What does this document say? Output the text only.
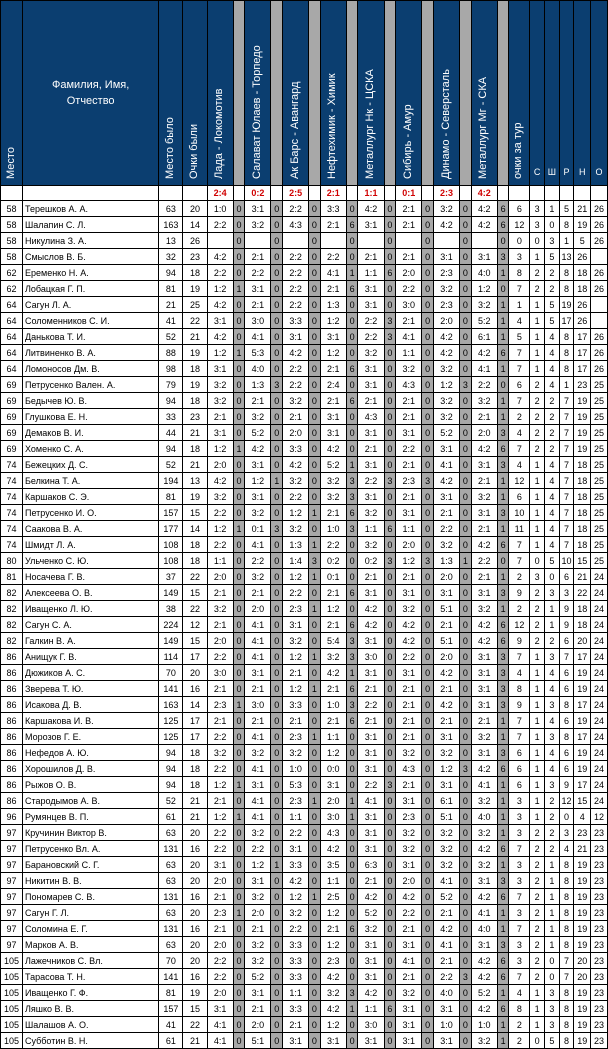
Место	Фамилия, Имя, Отчество	Место было	Очки были	Лада - Локомотив		Салават Юлаев - Торпедо		Ак Барс - Авангард		Нефтехимик - Химик		Металлург Нк - ЦСКА		Сибирь - Амур		Динамо - Северсталь		Металлург Мг - СКА		очки за тур	С	Ш	Р	Н	О
				2:4		0:2		2:5		2:1		1:1		0:1		2:3		4:2							
58	Терешков А. А.	63	20	1:0	0	3:1	0	2:2	0	3:3	0	4:2	0	2:1	0	3:2	0	4:2	6	6	3	1	5	21	26
58	Шалапин С. Л.	163	14	2:2	0	3:2	0	4:3	0	2:1	6	3:1	0	2:1	0	4:2	0	4:2	6	12	3	0	8	19	26
58	Никулина З. А.	13	26		0		0		0		0		0		0		0		0	0	0	3	1	5	26
58	Смыслов В. Б.	32	23	4:2	0	2:1	0	2:2	0	2:2	0	2:1	0	2:1	0	3:1	0	3:1	3	3	1	5	13	26	
62	Еременко Н. А.	94	18	2:2	0	2:2	0	2:2	0	4:1	1	1:1	6	2:0	0	2:3	0	4:0	1	8	2	2	8	18	26
62	Лобацкая Г. П.	81	19	1:2	1	3:1	0	2:2	0	2:1	6	3:1	0	2:2	0	3:2	0	1:2	0	7	2	2	8	18	26
64	Сагун Л. А.	21	25	4:2	0	2:1	0	2:2	0	1:3	0	3:1	0	3:0	0	2:3	0	3:2	1	1	1	5	19	26	
64	Соломенников С. И.	41	22	3:1	0	3:0	0	3:3	0	1:2	0	2:2	3	2:1	0	2:0	0	5:2	1	4	1	5	17	26	
64	Данькова Т. И.	52	21	4:2	0	4:1	0	3:1	0	3:1	0	2:2	3	4:1	0	4:2	0	6:1	1	5	1	4	8	17	26
64	Литвиненко В. А.	88	19	1:2	1	5:3	0	4:2	0	1:2	0	3:2	0	1:1	0	4:2	0	4:2	6	7	1	4	8	17	26
64	Ломоносов Дм. В.	98	18	3:1	0	4:0	0	2:2	0	2:1	6	3:1	0	3:2	0	3:2	0	4:1	1	7	1	4	8	17	26
69	Петрусенко Вален. А.	79	19	3:2	0	1:3	3	2:2	0	2:4	0	3:1	0	4:3	0	1:2	3	2:2	0	6	2	4	1	23	25
69	Бедычев Ю. В.	94	18	3:2	0	2:1	0	3:2	0	2:1	6	2:1	0	2:1	0	3:2	0	3:2	1	7	2	2	7	19	25
69	Глушкова Е. Н.	33	23	2:1	0	3:2	0	2:1	0	3:1	0	4:3	0	2:1	0	3:2	0	2:1	1	2	2	2	7	19	25
69	Демаков В. И.	44	21	3:1	0	5:2	0	2:0	0	3:1	0	3:1	0	3:1	0	5:2	0	2:0	3	4	2	2	7	19	25
69	Хоменко С. А.	94	18	1:2	1	4:2	0	3:3	0	4:2	0	2:1	0	2:2	0	3:1	0	4:2	6	7	2	2	7	19	25
74	Бежецких Д. С.	52	21	2:0	0	3:1	0	4:2	0	5:2	1	3:1	0	2:1	0	4:1	0	3:1	3	4	1	4	7	18	25
74	Белкина Т. А.	194	13	4:2	0	1:2	1	3:2	0	3:2	3	2:2	3	2:3	3	4:2	0	2:1	1	12	1	4	7	18	25
74	Каршаков С. Э.	81	19	3:2	0	3:1	0	2:2	0	3:2	3	3:1	0	2:1	0	3:1	0	3:2	1	6	1	4	7	18	25
74	Петрусенко И. О.	157	15	2:2	0	3:2	0	1:2	1	2:1	6	3:2	0	3:1	0	2:1	0	3:1	3	10	1	4	7	18	25
74	Саакова В. А.	177	14	1:2	1	0:1	3	3:2	0	1:0	3	1:1	6	1:1	0	2:2	0	2:1	1	11	1	4	7	18	25
74	Шмидт Л. А.	108	18	2:2	0	4:1	0	1:3	1	2:2	0	3:2	0	2:0	0	3:2	0	4:2	6	7	1	4	7	18	25
80	Ульченко С. Ю.	108	18	1:1	0	2:2	0	1:4	3	0:2	0	0:2	3	1:2	3	1:3	1	2:2	0	7	0	5	10	15	25
81	Носачева Г. В.	37	22	2:0	0	3:2	0	1:2	1	0:1	0	2:1	0	2:1	0	2:0	0	2:1	1	2	3	0	6	21	24
82	Алексеева О. В.	149	15	2:1	0	2:1	0	2:2	0	2:1	6	3:1	0	3:1	0	3:1	0	3:1	3	9	2	3	3	22	24
82	Иващенко Л. Ю.	38	22	3:2	0	2:0	0	2:3	1	1:2	0	4:2	0	3:2	0	5:1	0	3:2	1	2	2	1	9	18	24
82	Сагун С. А.	224	12	2:1	0	4:1	0	3:1	0	2:1	6	4:2	0	4:2	0	2:1	0	4:2	6	12	2	1	9	18	24
82	Галкин В. А.	149	15	2:0	0	4:1	0	3:2	0	5:4	3	3:1	0	4:2	0	5:1	0	4:2	6	9	2	2	6	20	24
86	Анищук Г. В.	114	17	2:2	0	4:1	0	1:2	1	3:2	3	3:0	0	2:2	0	2:0	0	3:1	3	7	1	3	7	17	24
86	Дюжиков А. С.	70	20	3:0	0	3:1	0	2:1	0	4:2	1	3:1	0	3:1	0	4:2	0	3:1	3	4	1	4	6	19	24
86	Зверева Т. Ю.	141	16	2:1	0	2:1	0	1:2	1	2:1	6	2:1	0	2:1	0	2:1	0	3:1	3	8	1	4	6	19	24
86	Исакова Д. В.	163	14	2:3	1	3:0	0	3:3	0	1:0	3	2:2	0	2:1	0	4:2	0	3:1	3	9	1	3	8	17	24
86	Каршакова И. В.	125	17	2:1	0	2:1	0	2:1	0	2:1	6	2:1	0	2:1	0	2:1	0	2:1	1	7	1	4	6	19	24
86	Морозов Г. Е.	125	17	2:2	0	4:1	0	2:3	1	1:1	0	3:1	0	2:1	0	3:1	0	3:2	1	7	1	3	8	17	24
86	Нефедов А. Ю.	94	18	3:2	0	3:2	0	3:2	0	1:2	0	3:1	0	3:2	0	3:2	0	3:1	3	6	1	4	6	19	24
86	Хорошилов Д. В.	94	18	2:2	0	4:1	0	1:0	0	0:0	0	3:1	0	4:3	0	1:2	3	4:2	6	6	1	4	6	19	24
86	Рыжов О. В.	94	18	1:2	1	3:1	0	5:3	0	3:1	0	2:2	3	2:1	0	3:1	0	4:1	1	6	1	3	9	17	24
86	Стародымов А. В.	52	21	2:1	0	4:1	0	2:3	1	2:0	1	4:1	0	3:1	0	6:1	0	3:2	1	3	1	2	12	15	24
96	Румянцев В. П.	61	21	1:2	1	4:1	0	1:1	0	3:0	1	3:1	0	2:3	0	5:1	0	4:0	1	3	1	2	0	4	12
97	Кручинин Виктор В.	63	20	2:2	0	3:2	0	2:2	0	4:3	0	3:1	0	3:2	0	3:2	0	3:2	1	3	2	2	3	23	23
97	Петрусенко Вл. А.	131	16	2:2	0	2:2	0	3:1	0	4:2	0	3:1	0	3:2	0	3:2	0	4:2	6	7	2	2	4	21	23
97	Барановский С. Г.	63	20	3:1	0	1:2	1	3:3	0	3:5	0	6:3	0	3:1	0	3:2	0	3:2	1	3	2	1	8	19	23
97	Никитин В. В.	63	20	2:0	0	3:1	0	4:2	0	1:1	0	2:1	0	2:0	0	4:1	0	3:1	3	3	2	1	8	19	23
97	Пономарев С. В.	131	16	2:1	0	3:2	0	1:2	1	2:5	0	4:2	0	4:2	0	5:2	0	4:2	6	7	2	1	8	19	23
97	Сагун Г. Л.	63	20	2:3	1	2:0	0	3:2	0	1:2	0	5:2	0	2:2	0	2:1	0	4:1	1	3	2	1	8	19	23
97	Соломина Е. Г.	131	16	2:1	0	2:1	0	2:2	0	2:1	6	3:2	0	2:1	0	4:2	0	4:0	1	7	2	1	8	19	23
97	Марков А. В.	63	20	2:0	0	3:2	0	3:3	0	1:2	0	3:1	0	3:1	0	4:1	0	3:1	3	3	2	1	8	19	23
105	Лажечников С. Вл.	70	20	2:2	0	3:2	0	3:3	0	2:3	0	3:1	0	4:1	0	2:1	0	4:2	6	3	2	0	7	20	23
105	Тарасова Т. Н.	141	16	2:2	0	5:2	0	3:3	0	4:2	0	3:1	0	2:1	0	2:2	3	4:2	6	7	2	0	7	20	23
105	Иващенко Г. Ф.	81	19	2:0	0	3:1	0	1:1	0	3:2	3	4:2	0	3:2	0	4:0	0	5:2	1	4	1	3	8	19	23
105	Ляшко В. В.	157	15	3:1	0	2:1	0	3:3	0	4:2	1	1:1	6	3:1	0	3:1	0	4:2	6	8	1	3	8	19	23
105	Шалашов А. О.	41	22	4:1	0	2:0	0	2:1	0	1:2	0	3:0	0	3:1	0	1:0	0	1:0	1	2	1	3	8	19	23
105	Субботин В. Н.	61	21	4:1	0	5:1	0	3:1	0	3:1	0	3:1	0	3:1	0	3:1	0	3:2	1	2	0	5	8	19	23
